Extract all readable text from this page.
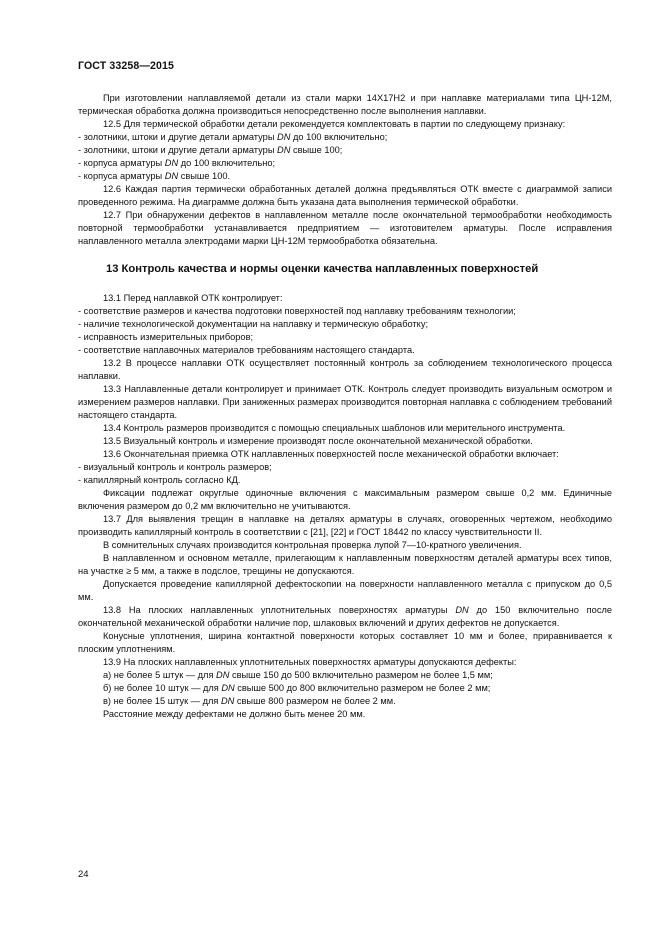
ГОСТ 33258—2015

При изготовлении наплавляемой детали из стали марки 14Х17Н2 и при наплавке материалами типа ЦН-12М, термическая обработка должна производиться непосредственно после выполнения наплавки.

12.5 Для термической обработки детали рекомендуется комплектовать в партии по следующему признаку:

- золотники, штоки и другие детали арматуры DN до 100 включительно;

- золотники, штоки и другие детали арматуры DN свыше 100;

- корпуса арматуры DN до 100 включительно;

- корпуса арматуры DN свыше 100.

12.6 Каждая партия термически обработанных деталей должна предъявляться ОТК вместе с диаграммой записи проведенного режима. На диаграмме должна быть указана дата выполнения термической обработки.

12.7 При обнаружении дефектов в наплавленном металле после окончательной термообработки необходимость повторной термообработки устанавливается предприятием — изготовителем арматуры. После исправления наплавленного металла электродами марки ЦН-12М термообработка обязательна.

13 Контроль качества и нормы оценки качества наплавленных поверхностей

13.1 Перед наплавкой ОТК контролирует:

- соответствие размеров и качества подготовки поверхностей под наплавку требованиям технологии;

- наличие технологической документации на наплавку и термическую обработку;

- исправность измерительных приборов;

- соответствие наплавочных материалов требованиям настоящего стандарта.

13.2 В процессе наплавки ОТК осуществляет постоянный контроль за соблюдением технологического процесса наплавки.

13.3 Наплавленные детали контролирует и принимает ОТК. Контроль следует производить визуальным осмотром и измерением размеров наплавки. При заниженных размерах производится повторная наплавка с соблюдением требований настоящего стандарта.

13.4 Контроль размеров производится с помощью специальных шаблонов или мерительного инструмента.

13.5 Визуальный контроль и измерение производят после окончательной механической обработки.

13.6 Окончательная приемка ОТК наплавленных поверхностей после механической обработки включает:

- визуальный контроль и контроль размеров;

- капиллярный контроль согласно КД.

Фиксации подлежат округлые одиночные включения с максимальным размером свыше 0,2 мм. Единичные включения размером до 0,2 мм включительно не учитываются.

13.7 Для выявления трещин в наплавке на деталях арматуры в случаях, оговоренных чертежом, необходимо производить капиллярный контроль в соответствии с [21], [22] и ГОСТ 18442 по классу чувствительности II.

В сомнительных случаях производится контрольная проверка лупой 7—10-кратного увеличения.

В наплавленном и основном металле, прилегающим к наплавленным поверхностям деталей арматуры всех типов, на участке ≥ 5 мм, а также в подслое, трещины не допускаются.

Допускается проведение капиллярной дефектоскопии на поверхности наплавленного металла с припуском до 0,5 мм.

13.8 На плоских наплавленных уплотнительных поверхностях арматуры DN до 150 включительно после окончательной механической обработки наличие пор, шлаковых включений и других дефектов не допускается.

Конусные уплотнения, ширина контактной поверхности которых составляет 10 мм и более, приравнивается к плоским уплотнениям.

13.9 На плоских наплавленных уплотнительных поверхностях арматуры допускаются дефекты:

а) не более 5 штук — для DN свыше 150 до 500 включительно размером не более 1,5 мм;

б) не более 10 штук — для DN свыше 500 до 800 включительно размером не более 2 мм;

в) не более 15 штук — для DN свыше 800 размером не более 2 мм.

Расстояние между дефектами не должно быть менее 20 мм.

24
